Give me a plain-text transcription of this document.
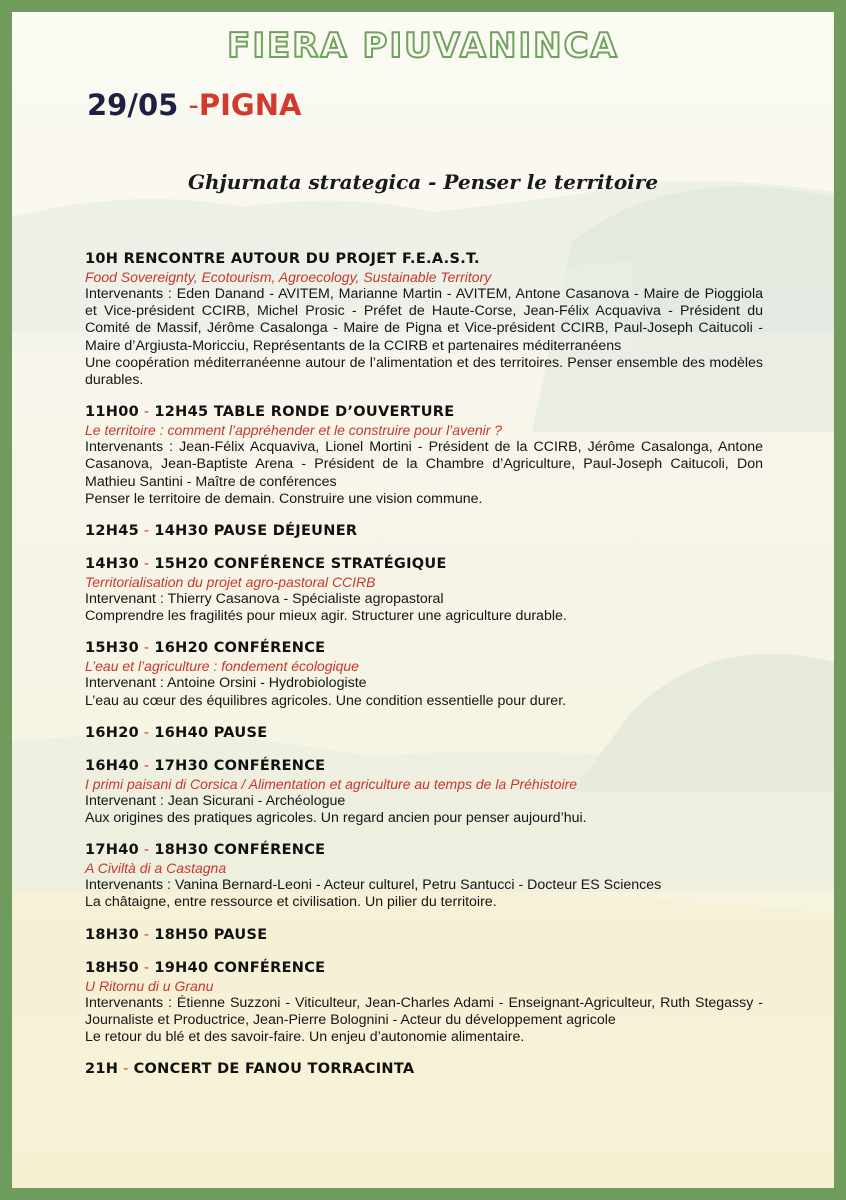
FIERA PIUVANINCA
29/05 -PIGNA
Ghjurnata strategica - Penser le territoire
10H RENCONTRE AUTOUR DU PROJET F.E.A.S.T.
Food Sovereignty, Ecotourism, Agroecology, Sustainable Territory
Intervenants : Eden Danand - AVITEM, Marianne Martin - AVITEM, Antone Casanova - Maire de Pioggiola et Vice-président CCIRB, Michel Prosic - Préfet de Haute-Corse, Jean-Félix Acquaviva - Président du Comité de Massif, Jérôme Casalonga - Maire de Pigna et Vice-président CCIRB, Paul-Joseph Caitucoli - Maire d’Argiusta-Moricciu, Représentants de la CCIRB et partenaires méditerranéens
Une coopération méditerranéenne autour de l’alimentation et des territoires. Penser ensemble des modèles durables.
11H00 - 12H45 TABLE RONDE D’OUVERTURE
Le territoire : comment l’appréhender et le construire pour l’avenir ?
Intervenants : Jean-Félix Acquaviva, Lionel Mortini - Président de la CCIRB, Jérôme Casalonga, Antone Casanova, Jean-Baptiste Arena - Président de la Chambre d’Agriculture, Paul-Joseph Caitucoli, Don Mathieu Santini - Maître de conférences
Penser le territoire de demain. Construire une vision commune.
12H45 - 14H30 PAUSE DÉJEUNER
14H30 - 15H20 CONFÉRENCE STRATÉGIQUE
Territorialisation du projet agro-pastoral CCIRB
Intervenant : Thierry Casanova - Spécialiste agropastoral
Comprendre les fragilités pour mieux agir. Structurer une agriculture durable.
15H30 - 16H20 CONFÉRENCE
L’eau et l’agriculture : fondement écologique
Intervenant : Antoine Orsini - Hydrobiologiste
L’eau au cœur des équilibres agricoles. Une condition essentielle pour durer.
16H20 - 16H40 PAUSE
16H40 - 17H30 CONFÉRENCE
I primi paisani di Corsica / Alimentation et agriculture au temps de la Préhistoire
Intervenant : Jean Sicurani - Archéologue
Aux origines des pratiques agricoles. Un regard ancien pour penser aujourd’hui.
17H40 - 18H30 CONFÉRENCE
A Civiltà di a Castagna
Intervenants : Vanina Bernard-Leoni - Acteur culturel, Petru Santucci - Docteur ES Sciences
La châtaigne, entre ressource et civilisation. Un pilier du territoire.
18H30 - 18H50 PAUSE
18H50 - 19H40 CONFÉRENCE
U Ritornu di u Granu
Intervenants : Étienne Suzzoni - Viticulteur, Jean-Charles Adami - Enseignant-Agriculteur, Ruth Stegassy - Journaliste et Productrice, Jean-Pierre Bolognini - Acteur du développement agricole
Le retour du blé et des savoir-faire. Un enjeu d’autonomie alimentaire.
21H - CONCERT DE FANOU TORRACINTA
